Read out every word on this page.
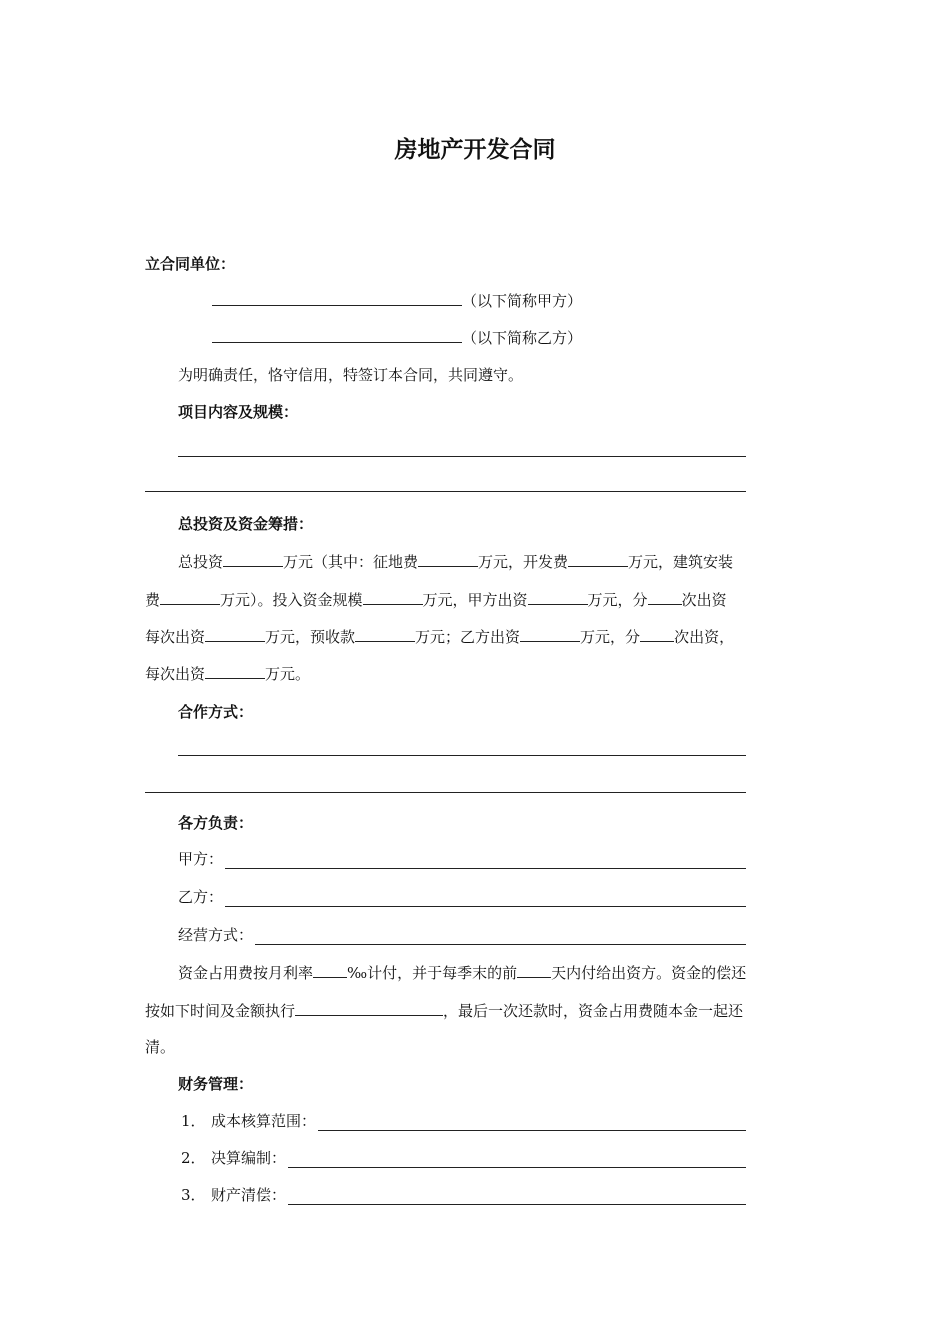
房地产开发合同
立合同单位：
（以下简称甲方）
（以下简称乙方）
为明确责任，恪守信用，特签订本合同，共同遵守。
项目内容及规模：
总投资及资金筹措：
总投资	万元（其中：征地费	万元，开发费	万元，建筑安装
费	万元）。投入资金规模	万元，甲方出资	万元，分 次出资
每次出资	万元，预收款	万元；乙方出资	万元，分 次出资，
每次出资	万元。
合作方式：
各方负责：
甲方：
乙方：
经营方式：
资金占用费按月利率 ‰计付，并于每季末的前 天内付给出资方。资金的偿还
按如下时间及金额执行	，最后一次还款时，资金占用费随本金一起还
清。
财务管理：
1． 成本核算范围：
2． 决算编制：
3． 财产清偿：
